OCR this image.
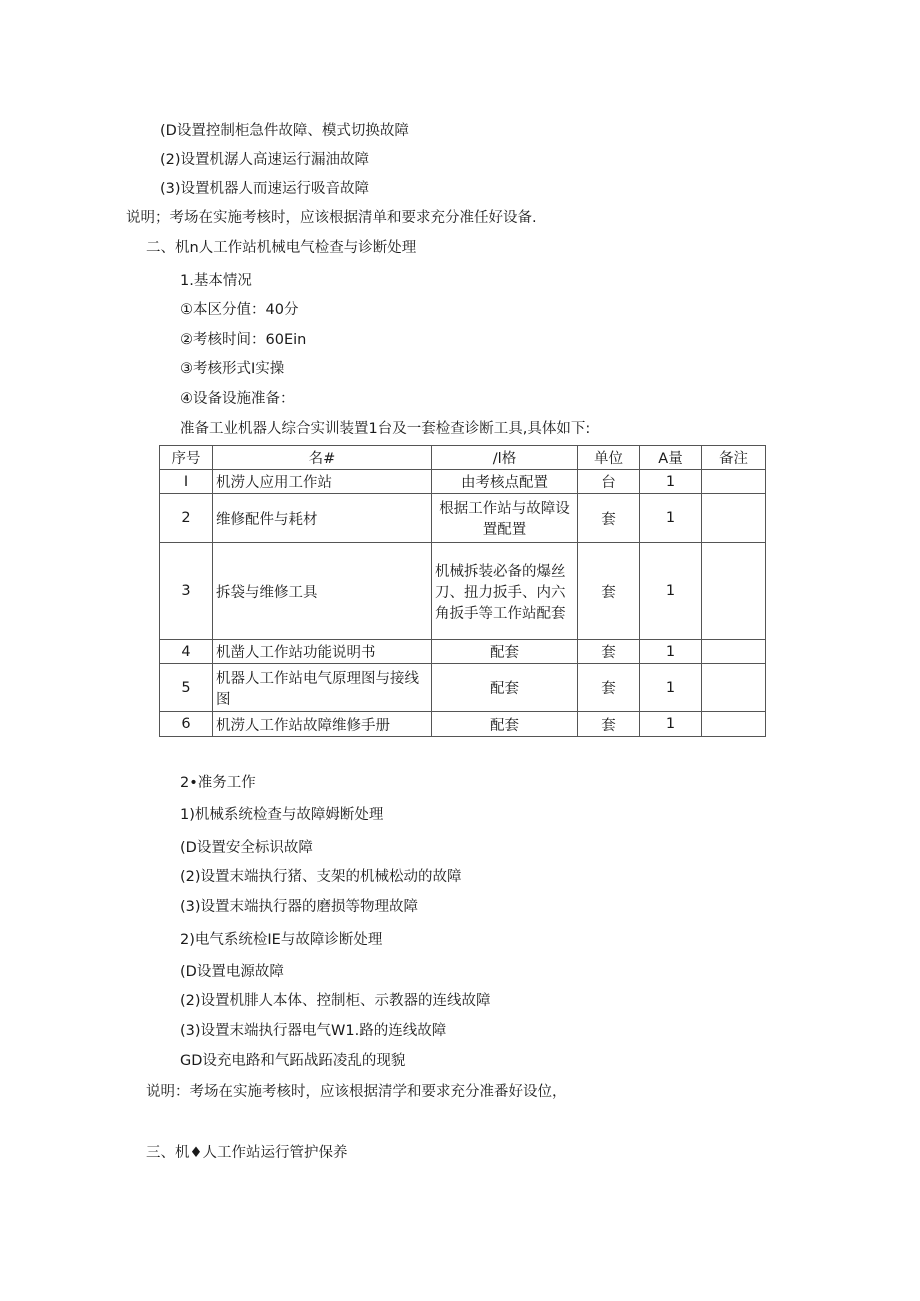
(D设置控制柜急件故障、模式切换故障
(2)设置机潺人高速运行漏油故障
(3)设置机器人而速运行吸音故障
说明；考场在实施考核时，应该根据清单和要求充分准任好设备.
二、机n人工作站机械电气检查与诊断处理
1.基本情况
①本区分值：40分
②考核时间：60Ein
③考核形式I实操
④设备设施准备：
准备工业机器人综合实训装置1台及一套检查诊断工具,具体如下:
序号	名#	/l格	单位	A量	备注
I	机涝人应用工作站	由考核点配置	台	1	
2	维修配件与耗材	根据工作站与故障设置配置	套	1	
3	拆袋与维修工具	机械拆装必备的爆丝刀、扭力扳手、内六角扳手等工作站配套	套	1	
4	机凿人工作站功能说明书	配套	套	1	
5	机器人工作站电气原理图与接线图	配套	套	1	
6	机涝人工作站故障维修手册	配套	套	1	
2•准务工作
1)机械系统检查与故障姆断处理
(D设置安全标识故障
(2)设置末端执行猪、支架的机械松动的故障
(3)设置末端执行器的磨损等物理故障
2)电气系统检IE与故障诊断处理
(D设置电源故障
(2)设置机腓人本体、控制柜、示教器的连线故障
(3)设置末端执行器电气W1.路的连线故障
GD设充电路和气跖战跖凌乱的现貌
说明：考场在实施考核时，应该根据清学和要求充分准番好设位，
三、机♦人工作站运行管护保养
